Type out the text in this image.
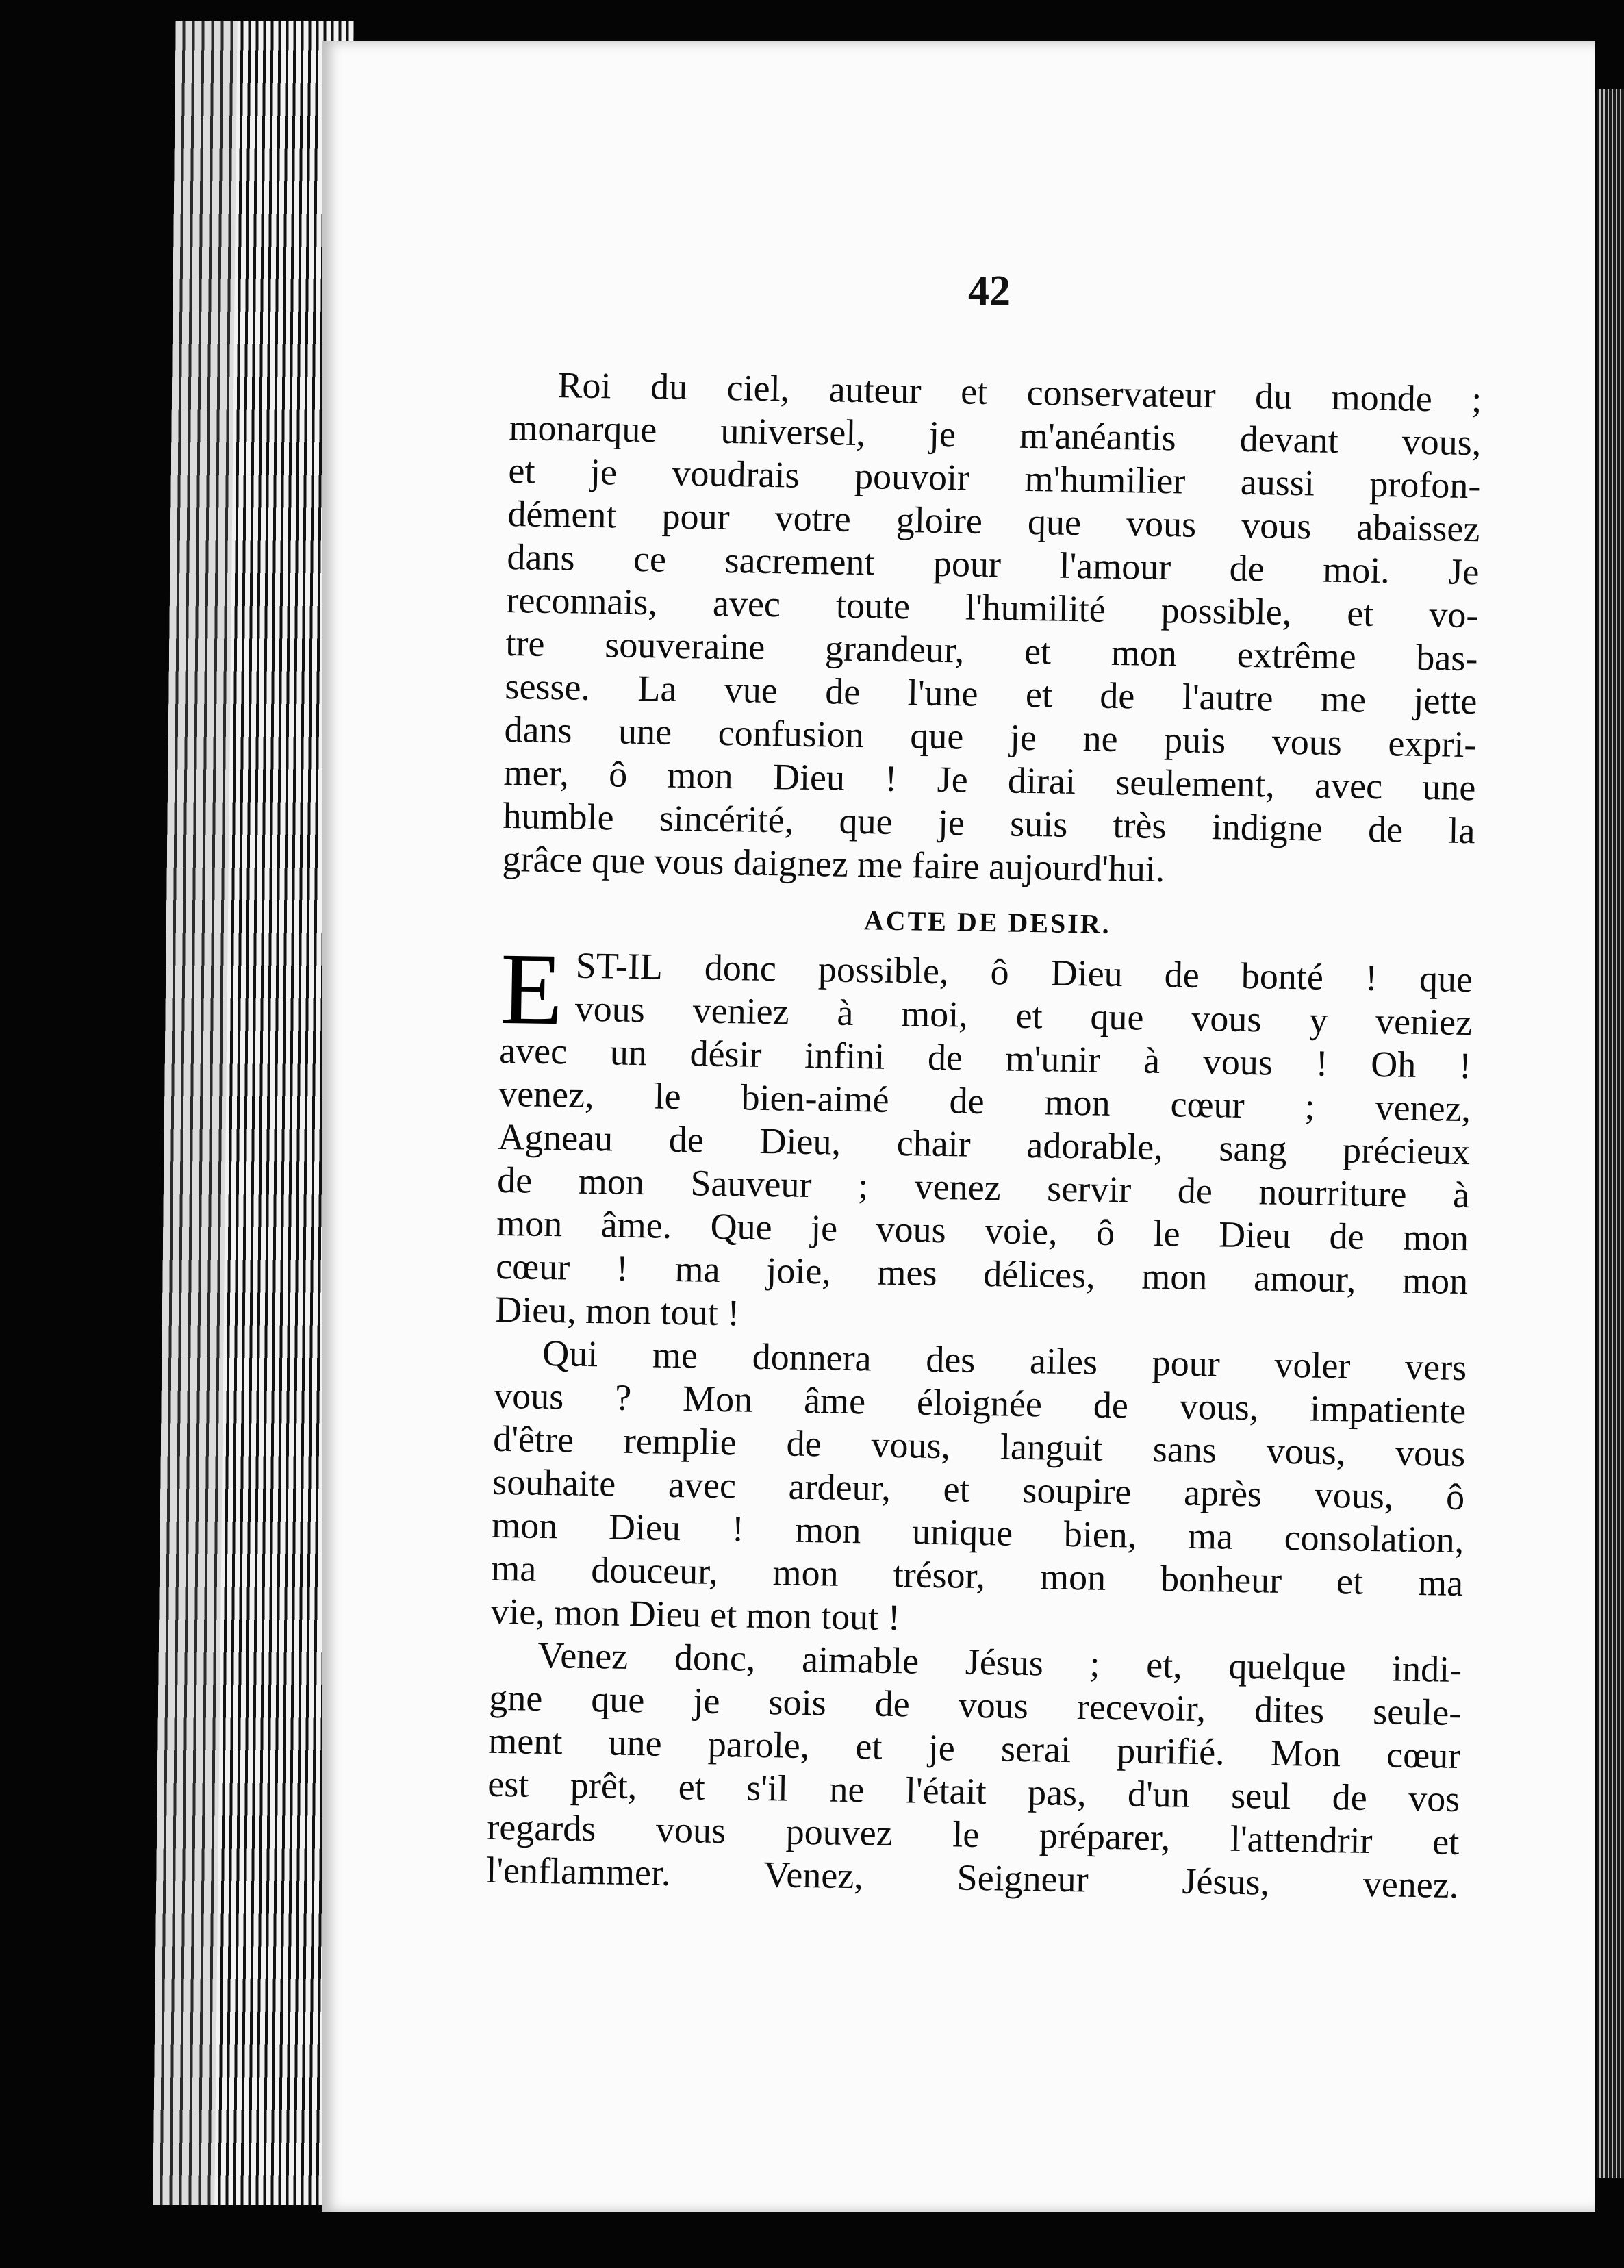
42
Roi du ciel, auteur et conservateur du monde ;
monarque universel, je m'anéantis devant vous,
et je voudrais pouvoir m'humilier aussi profon-
dément pour votre gloire que vous vous abaissez
dans ce sacrement pour l'amour de moi. Je
reconnais, avec toute l'humilité possible, et vo-
tre souveraine grandeur, et mon extrême bas-
sesse. La vue de l'une et de l'autre me jette
dans une confusion que je ne puis vous expri-
mer, ô mon Dieu ! Je dirai seulement, avec une
humble sincérité, que je suis très indigne de la
grâce que vous daignez me faire aujourd'hui.
ACTE DE DESIR.
E ST-IL donc possible, ô Dieu de bonté ! que
vous veniez à moi, et que vous y veniez
avec un désir infini de m'unir à vous ! Oh !
venez, le bien-aimé de mon cœur ; venez,
Agneau de Dieu, chair adorable, sang précieux
de mon Sauveur ; venez servir de nourriture à
mon âme. Que je vous voie, ô le Dieu de mon
cœur ! ma joie, mes délices, mon amour, mon
Dieu, mon tout !
Qui me donnera des ailes pour voler vers
vous ? Mon âme éloignée de vous, impatiente
d'être remplie de vous, languit sans vous, vous
souhaite avec ardeur, et soupire après vous, ô
mon Dieu ! mon unique bien, ma consolation,
ma douceur, mon trésor, mon bonheur et ma
vie, mon Dieu et mon tout !
Venez donc, aimable Jésus ; et, quelque indi-
gne que je sois de vous recevoir, dites seule-
ment une parole, et je serai purifié. Mon cœur
est prêt, et s'il ne l'était pas, d'un seul de vos
regards vous pouvez le préparer, l'attendrir et
l'enflammer. Venez, Seigneur Jésus, venez.
